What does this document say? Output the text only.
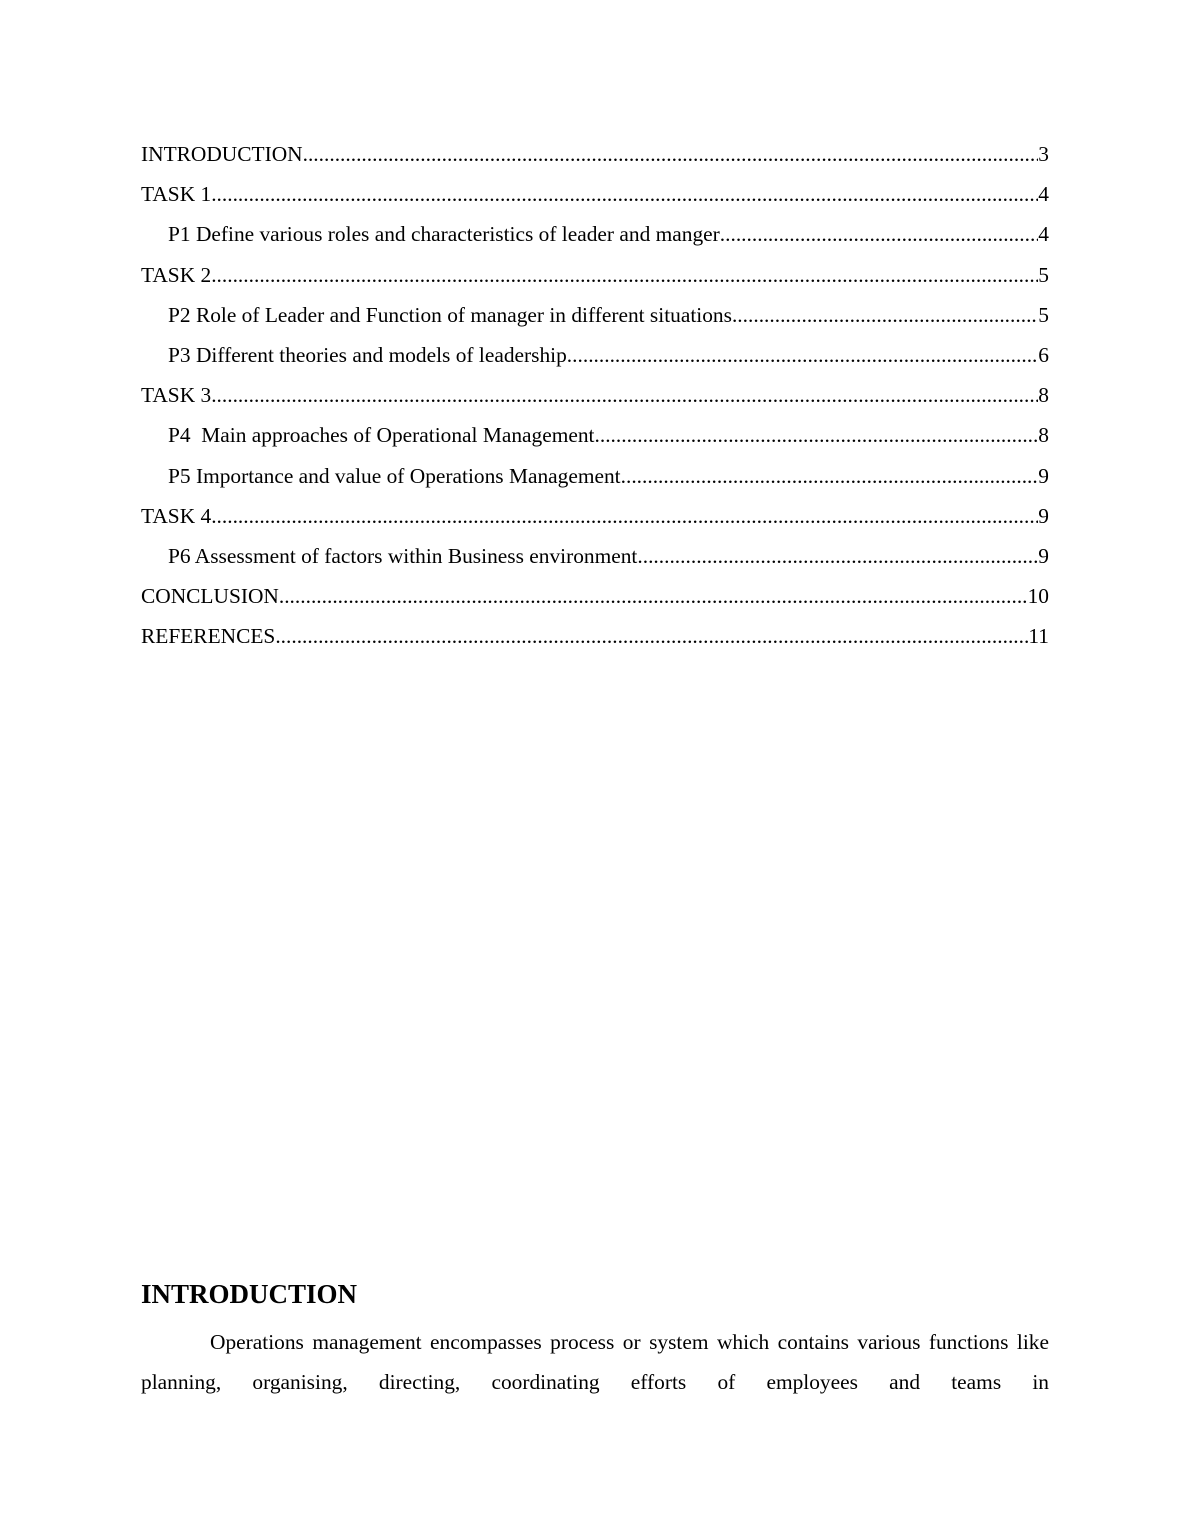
INTRODUCTION .....	3
TASK 1 .....	4
P1 Define various roles and characteristics of leader and manger .....	4
TASK 2 .....	5
P2 Role of Leader and Function of manager in different situations .....	5
P3 Different theories and models of leadership .....	6
TASK 3 .....	8
P4  Main approaches of Operational Management .....	8
P5 Importance and value of Operations Management .....	9
TASK 4 .....	9
P6 Assessment of factors within Business environment .....	9
CONCLUSION .....	10
REFERENCES .....	11
INTRODUCTION

Operations management encompasses process or system which contains various functions like planning, organising, directing, coordinating efforts of employees and teams in
